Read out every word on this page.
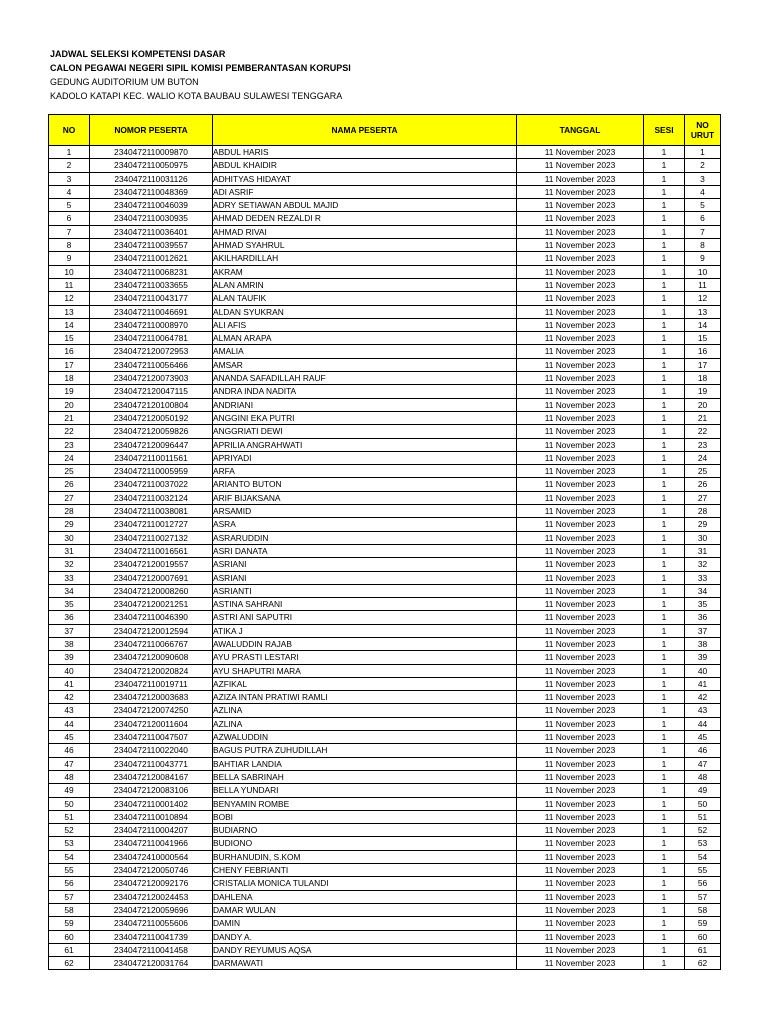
JADWAL SELEKSI KOMPETENSI DASAR
CALON PEGAWAI NEGERI SIPIL KOMISI PEMBERANTASAN KORUPSI
GEDUNG AUDITORIUM UM BUTON
KADOLO KATAPI KEC. WALIO KOTA BAUBAU SULAWESI TENGGARA
NO	NOMOR PESERTA	NAMA PESERTA	TANGGAL	SESI	NO URUT
1	2340472110009870	ABDUL HARIS	11 November 2023	1	1
2	2340472110050975	ABDUL KHAIDIR	11 November 2023	1	2
3	2340472110031126	ADHITYAS HIDAYAT	11 November 2023	1	3
4	2340472110048369	ADI ASRIF	11 November 2023	1	4
5	2340472110046039	ADRY SETIAWAN ABDUL MAJID	11 November 2023	1	5
6	2340472110030935	AHMAD DEDEN REZALDI R	11 November 2023	1	6
7	2340472110036401	AHMAD RIVAI	11 November 2023	1	7
8	2340472110039557	AHMAD SYAHRUL	11 November 2023	1	8
9	2340472110012621	AKILHARDILLAH	11 November 2023	1	9
10	2340472110068231	AKRAM	11 November 2023	1	10
11	2340472110033655	ALAN AMRIN	11 November 2023	1	11
12	2340472110043177	ALAN TAUFIK	11 November 2023	1	12
13	2340472110046691	ALDAN SYUKRAN	11 November 2023	1	13
14	2340472110008970	ALI AFIS	11 November 2023	1	14
15	2340472110064781	ALMAN ARAPA	11 November 2023	1	15
16	2340472120072953	AMALIA	11 November 2023	1	16
17	2340472110056466	AMSAR	11 November 2023	1	17
18	2340472120073903	ANANDA SAFADILLAH RAUF	11 November 2023	1	18
19	2340472120047115	ANDRA INDA NADITA	11 November 2023	1	19
20	2340472120100804	ANDRIANI	11 November 2023	1	20
21	2340472120050192	ANGGINI EKA PUTRI	11 November 2023	1	21
22	2340472120059826	ANGGRIATI DEWI	11 November 2023	1	22
23	2340472120096447	APRILIA ANGRAHWATI	11 November 2023	1	23
24	2340472110011561	APRIYADI	11 November 2023	1	24
25	2340472110005959	ARFA	11 November 2023	1	25
26	2340472110037022	ARIANTO BUTON	11 November 2023	1	26
27	2340472110032124	ARIF BIJAKSANA	11 November 2023	1	27
28	2340472110038081	ARSAMID	11 November 2023	1	28
29	2340472110012727	ASRA	11 November 2023	1	29
30	2340472110027132	ASRARUDDIN	11 November 2023	1	30
31	2340472110016561	ASRI DANATA	11 November 2023	1	31
32	2340472120019557	ASRIANI	11 November 2023	1	32
33	2340472120007691	ASRIANI	11 November 2023	1	33
34	2340472120008260	ASRIANTI	11 November 2023	1	34
35	2340472120021251	ASTINA SAHRANI	11 November 2023	1	35
36	2340472110046390	ASTRI ANI SAPUTRI	11 November 2023	1	36
37	2340472120012594	ATIKA J	11 November 2023	1	37
38	2340472110066767	AWALUDDIN RAJAB	11 November 2023	1	38
39	2340472120090608	AYU PRASTI LESTARI	11 November 2023	1	39
40	2340472120020824	AYU SHAPUTRI MARA	11 November 2023	1	40
41	2340472110019711	AZFIKAL	11 November 2023	1	41
42	2340472120003683	AZIZA INTAN PRATIWI RAMLI	11 November 2023	1	42
43	2340472120074250	AZLINA	11 November 2023	1	43
44	2340472120011604	AZLINA	11 November 2023	1	44
45	2340472110047507	AZWALUDDIN	11 November 2023	1	45
46	2340472110022040	BAGUS PUTRA ZUHUDILLAH	11 November 2023	1	46
47	2340472110043771	BAHTIAR LANDIA	11 November 2023	1	47
48	2340472120084167	BELLA SABRINAH	11 November 2023	1	48
49	2340472120083106	BELLA YUNDARI	11 November 2023	1	49
50	2340472110001402	BENYAMIN ROMBE	11 November 2023	1	50
51	2340472110010894	BOBI	11 November 2023	1	51
52	2340472110004207	BUDIARNO	11 November 2023	1	52
53	2340472110041966	BUDIONO	11 November 2023	1	53
54	2340472410000564	BURHANUDIN, S.KOM	11 November 2023	1	54
55	2340472120050746	CHENY FEBRIANTI	11 November 2023	1	55
56	2340472120092176	CRISTALIA MONICA TULANDI	11 November 2023	1	56
57	2340472120024453	DAHLENA	11 November 2023	1	57
58	2340472120059696	DAMAR WULAN	11 November 2023	1	58
59	2340472110055606	DAMIN	11 November 2023	1	59
60	2340472110041739	DANDY A.	11 November 2023	1	60
61	2340472110041458	DANDY REYUMUS AQSA	11 November 2023	1	61
62	2340472120031764	DARMAWATI	11 November 2023	1	62
